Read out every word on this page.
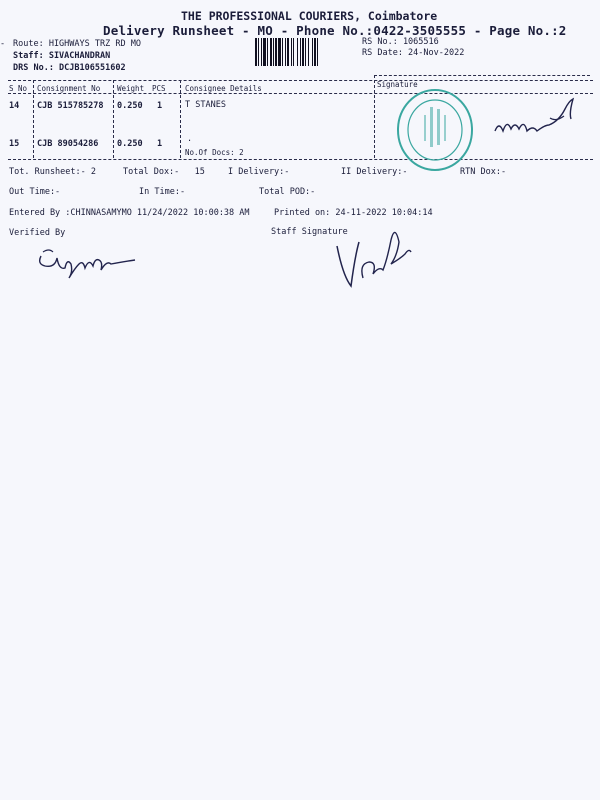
THE PROFESSIONAL COURIERS, Coimbatore
Delivery Runsheet - MO - Phone No.:0422-3505555 - Page No.:2
- Route: HIGHWAYS TRZ RD MO
Staff: SIVACHANDRAN
DRS No.: DCJB106551602
RS No.: 1065516
RS Date: 24-Nov-2022
S No Consignment No Weight PCS	Consignee Details	Signature
14 CJB 515785278 0.250 1	T STANES
15 CJB 89054286 0.250 1	.
No.Of Docs: 2
Tot. Runsheet:- 2	Total Dox:-   15	I Delivery:-	II Delivery:-	RTN Dox:-
Out Time:-	In Time:-	Total POD:-
Entered By :CHINNASAMYMO 11/24/2022 10:00:38 AM	Printed on: 24-11-2022 10:04:14
Verified By	Staff Signature
